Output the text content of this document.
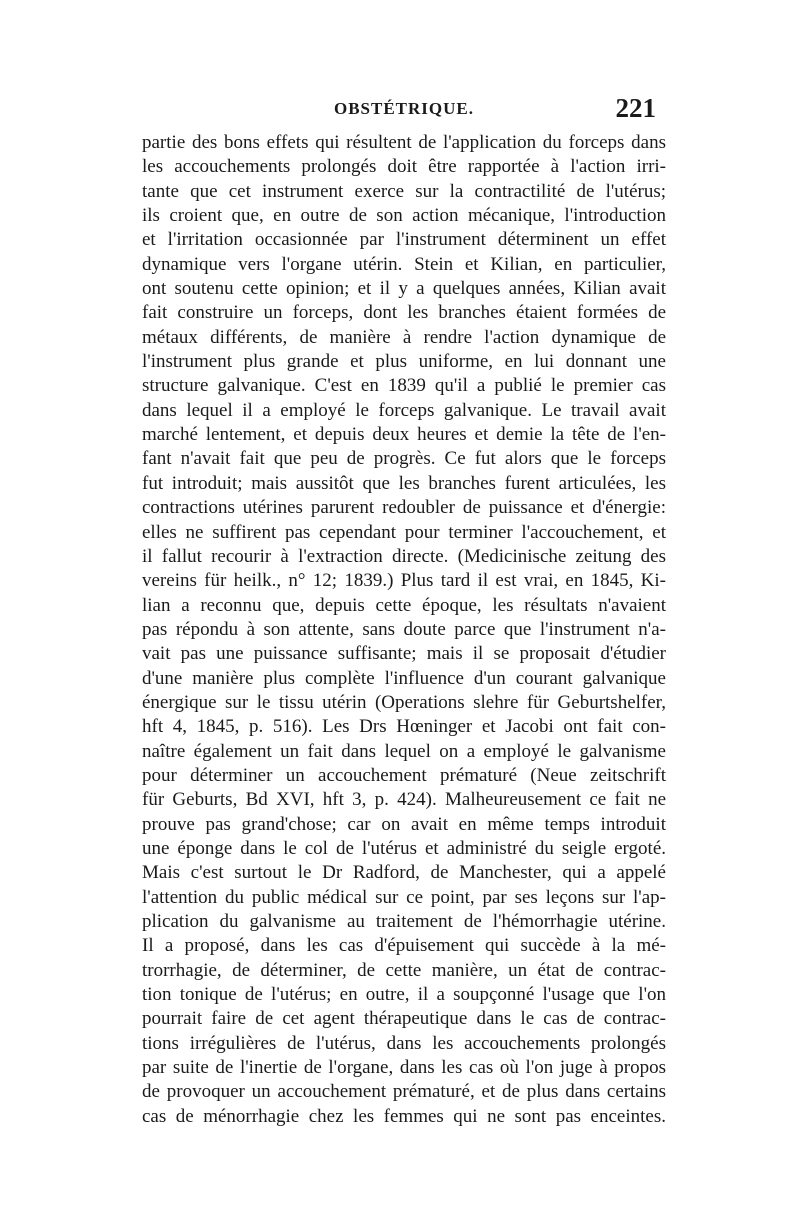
OBSTÉTRIQUE.	221
partie des bons effets qui résultent de l'application du forceps dans
les accouchements prolongés doit être rapportée à l'action irri-
tante que cet instrument exerce sur la contractilité de l'utérus;
ils croient que, en outre de son action mécanique, l'introduction
et l'irritation occasionnée par l'instrument déterminent un effet
dynamique vers l'organe utérin. Stein et Kilian, en particulier,
ont soutenu cette opinion; et il y a quelques années, Kilian avait
fait construire un forceps, dont les branches étaient formées de
métaux différents, de manière à rendre l'action dynamique de
l'instrument plus grande et plus uniforme, en lui donnant une
structure galvanique. C'est en 1839 qu'il a publié le premier cas
dans lequel il a employé le forceps galvanique. Le travail avait
marché lentement, et depuis deux heures et demie la tête de l'en-
fant n'avait fait que peu de progrès. Ce fut alors que le forceps
fut introduit; mais aussitôt que les branches furent articulées, les
contractions utérines parurent redoubler de puissance et d'énergie:
elles ne suffirent pas cependant pour terminer l'accouchement, et
il fallut recourir à l'extraction directe. (Medicinische zeitung des
vereins für heilk., n° 12; 1839.) Plus tard il est vrai, en 1845, Ki-
lian a reconnu que, depuis cette époque, les résultats n'avaient
pas répondu à son attente, sans doute parce que l'instrument n'a-
vait pas une puissance suffisante; mais il se proposait d'étudier
d'une manière plus complète l'influence d'un courant galvanique
énergique sur le tissu utérin (Operations slehre für Geburtshelfer,
hft 4, 1845, p. 516). Les Drs Hœninger et Jacobi ont fait con-
naître également un fait dans lequel on a employé le galvanisme
pour déterminer un accouchement prématuré (Neue zeitschrift
für Geburts, Bd XVI, hft 3, p. 424). Malheureusement ce fait ne
prouve pas grand'chose; car on avait en même temps introduit
une éponge dans le col de l'utérus et administré du seigle ergoté.
Mais c'est surtout le Dr Radford, de Manchester, qui a appelé
l'attention du public médical sur ce point, par ses leçons sur l'ap-
plication du galvanisme au traitement de l'hémorrhagie utérine.
Il a proposé, dans les cas d'épuisement qui succède à la mé-
trorrhagie, de déterminer, de cette manière, un état de contrac-
tion tonique de l'utérus; en outre, il a soupçonné l'usage que l'on
pourrait faire de cet agent thérapeutique dans le cas de contrac-
tions irrégulières de l'utérus, dans les accouchements prolongés
par suite de l'inertie de l'organe, dans les cas où l'on juge à propos
de provoquer un accouchement prématuré, et de plus dans certains
cas de ménorrhagie chez les femmes qui ne sont pas enceintes.
